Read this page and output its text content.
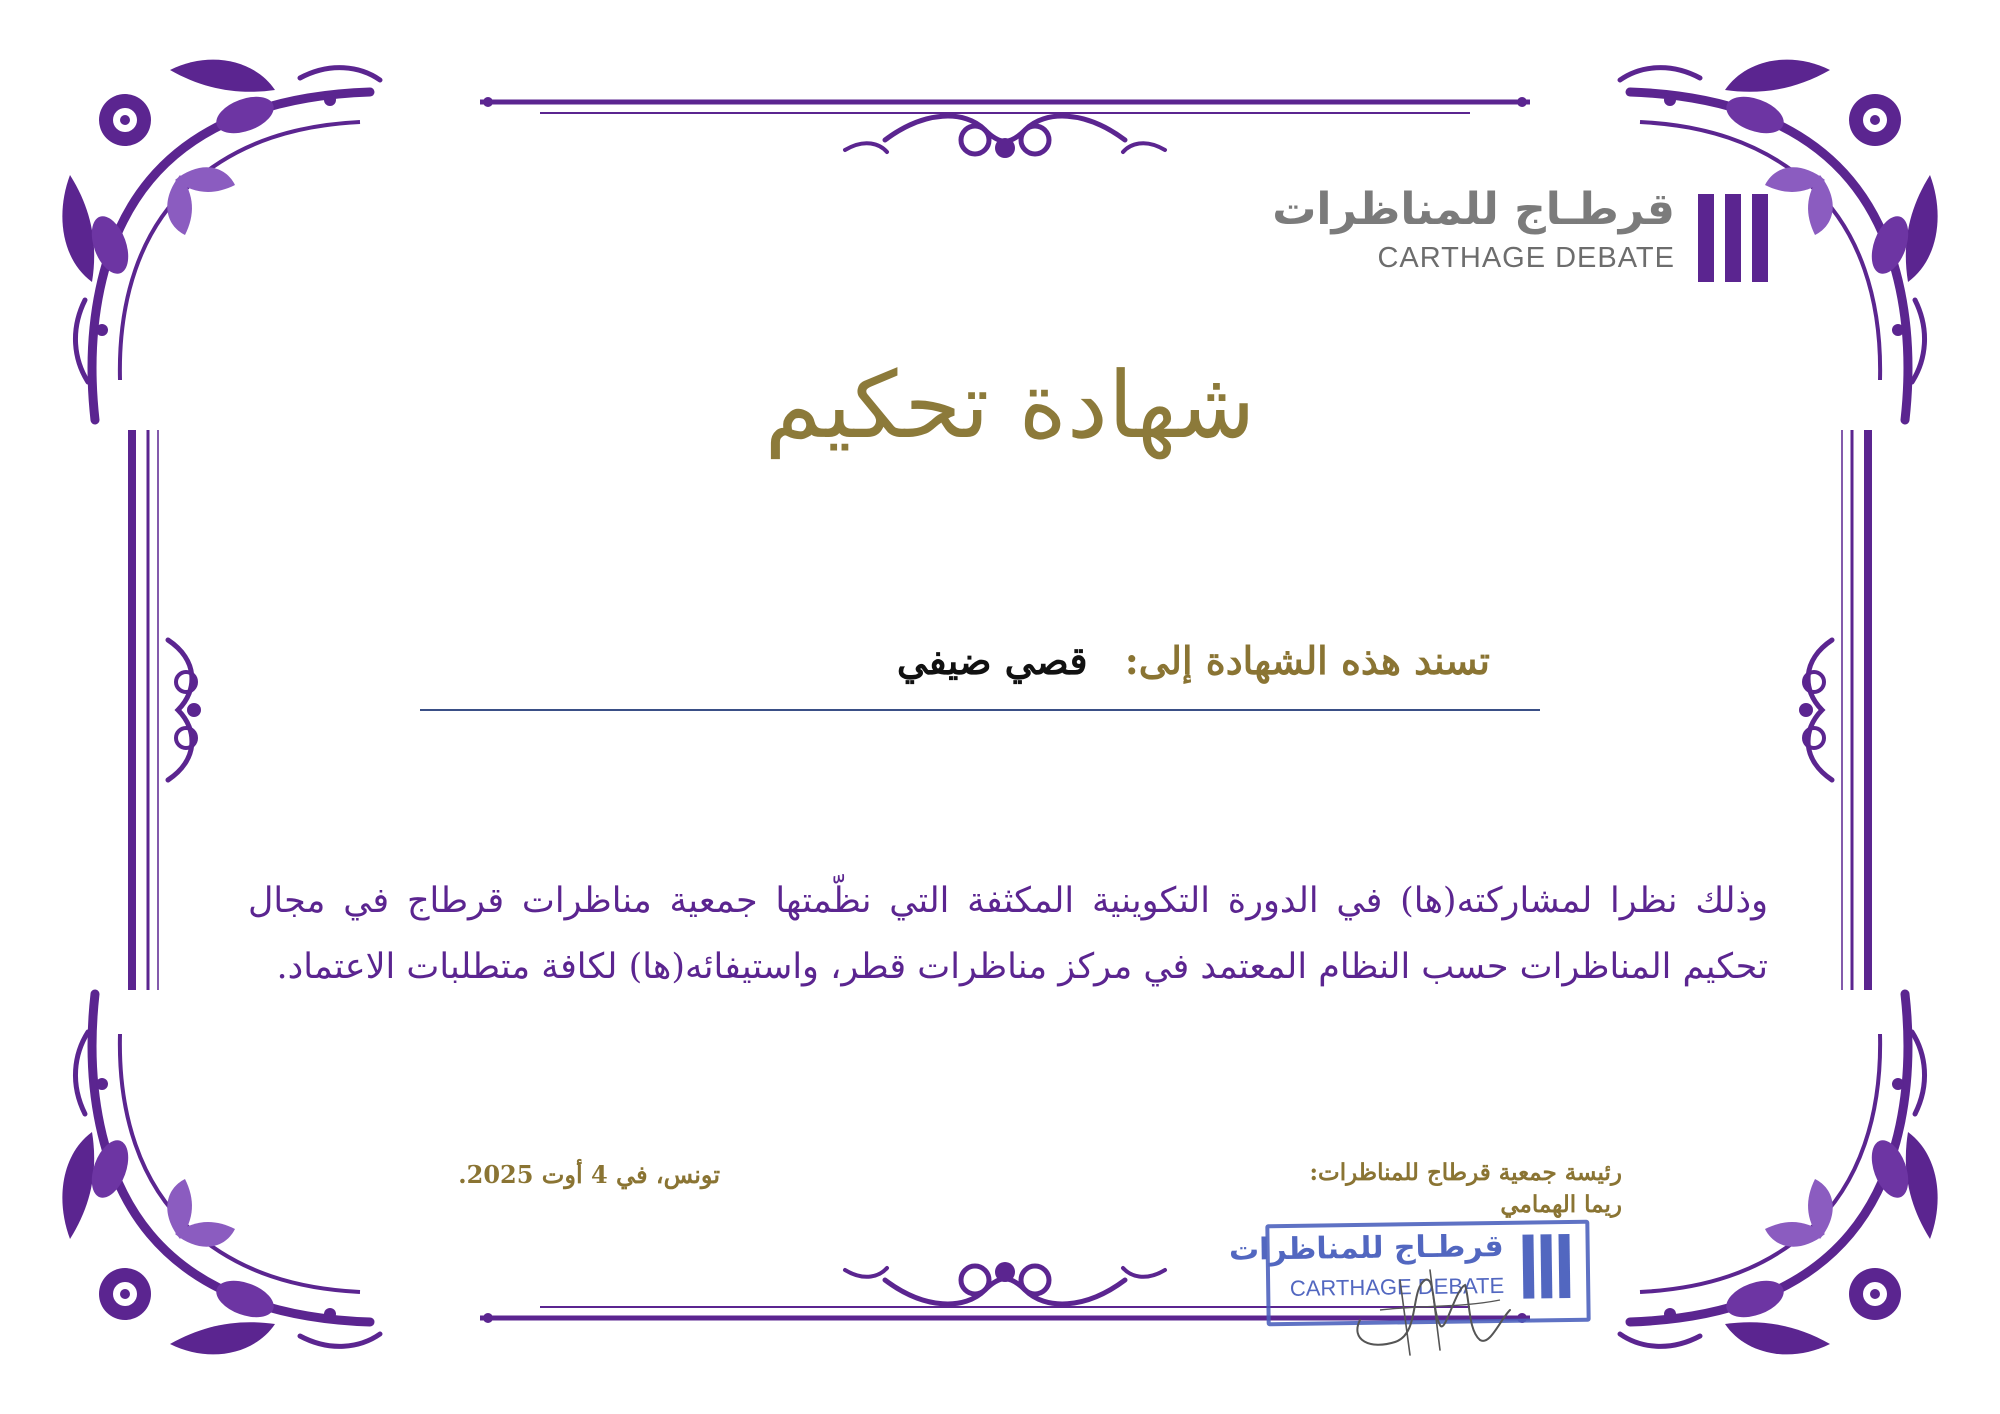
قرطـاج للمناظرات
CARTHAGE DEBATE
شهادة تحكيم
تسند هذه الشهادة إلى: قصي ضيفي
وذلك نظرا لمشاركته(ها) في الدورة التكوينية المكثفة التي نظّمتها جمعية مناظرات قرطاج في مجال تحكيم المناظرات حسب النظام المعتمد في مركز مناظرات قطر، واستيفائه(ها) لكافة متطلبات الاعتماد.
تونس، في 4 أوت 2025.	رئيسة جمعية قرطاج للمناظرات:
ريما الهمامي
قرطـاج للمناظرات
CARTHAGE DEBATE
